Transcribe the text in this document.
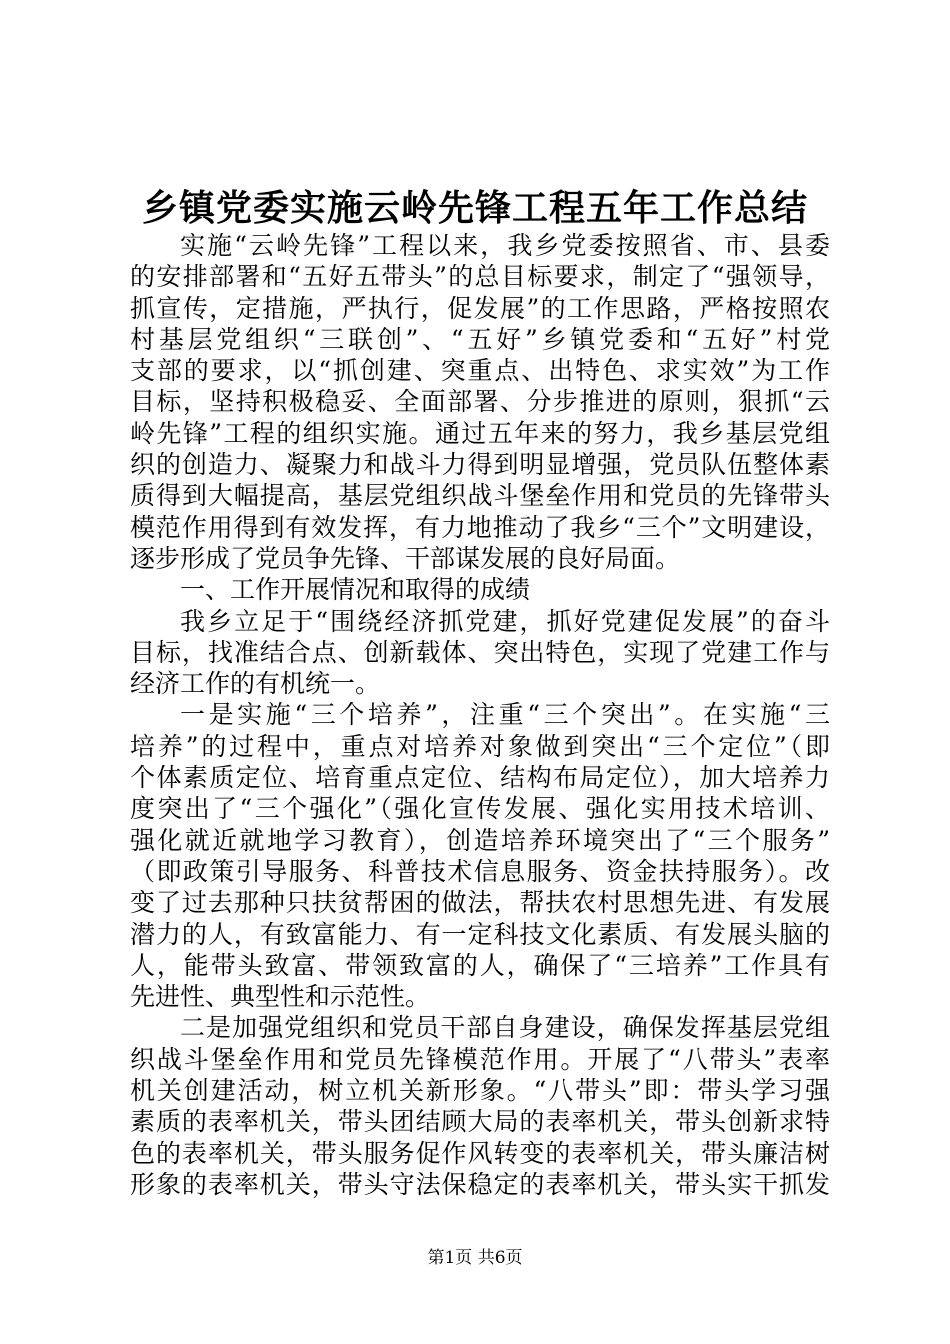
乡镇党委实施云岭先锋工程五年工作总结
实施“云岭先锋”工程以来，我乡党委按照省、市、县委
的安排部署和“五好五带头”的总目标要求，制定了“强领导，
抓宣传，定措施，严执行，促发展”的工作思路，严格按照农
村基层党组织“三联创”、“五好”乡镇党委和“五好”村党
支部的要求，以“抓创建、突重点、出特色、求实效”为工作
目标，坚持积极稳妥、全面部署、分步推进的原则，狠抓“云
岭先锋”工程的组织实施。通过五年来的努力，我乡基层党组
织的创造力、凝聚力和战斗力得到明显增强，党员队伍整体素
质得到大幅提高，基层党组织战斗堡垒作用和党员的先锋带头
模范作用得到有效发挥，有力地推动了我乡“三个”文明建设，
逐步形成了党员争先锋、干部谋发展的良好局面。
一、工作开展情况和取得的成绩
我乡立足于“围绕经济抓党建，抓好党建促发展”的奋斗
目标，找准结合点、创新载体、突出特色，实现了党建工作与
经济工作的有机统一。
一是实施“三个培养”，注重“三个突出”。在实施“三
培养”的过程中，重点对培养对象做到突出“三个定位”（即
个体素质定位、培育重点定位、结构布局定位），加大培养力
度突出了“三个强化”（强化宣传发展、强化实用技术培训、
强化就近就地学习教育），创造培养环境突出了“三个服务”
（即政策引导服务、科普技术信息服务、资金扶持服务）。改
变了过去那种只扶贫帮困的做法，帮扶农村思想先进、有发展
潜力的人，有致富能力、有一定科技文化素质、有发展头脑的
人，能带头致富、带领致富的人，确保了“三培养”工作具有
先进性、典型性和示范性。
二是加强党组织和党员干部自身建设，确保发挥基层党组
织战斗堡垒作用和党员先锋模范作用。开展了“八带头”表率
机关创建活动，树立机关新形象。“八带头”即：带头学习强
素质的表率机关，带头团结顾大局的表率机关，带头创新求特
色的表率机关，带头服务促作风转变的表率机关，带头廉洁树
形象的表率机关，带头守法保稳定的表率机关，带头实干抓发
第1页 共6页
